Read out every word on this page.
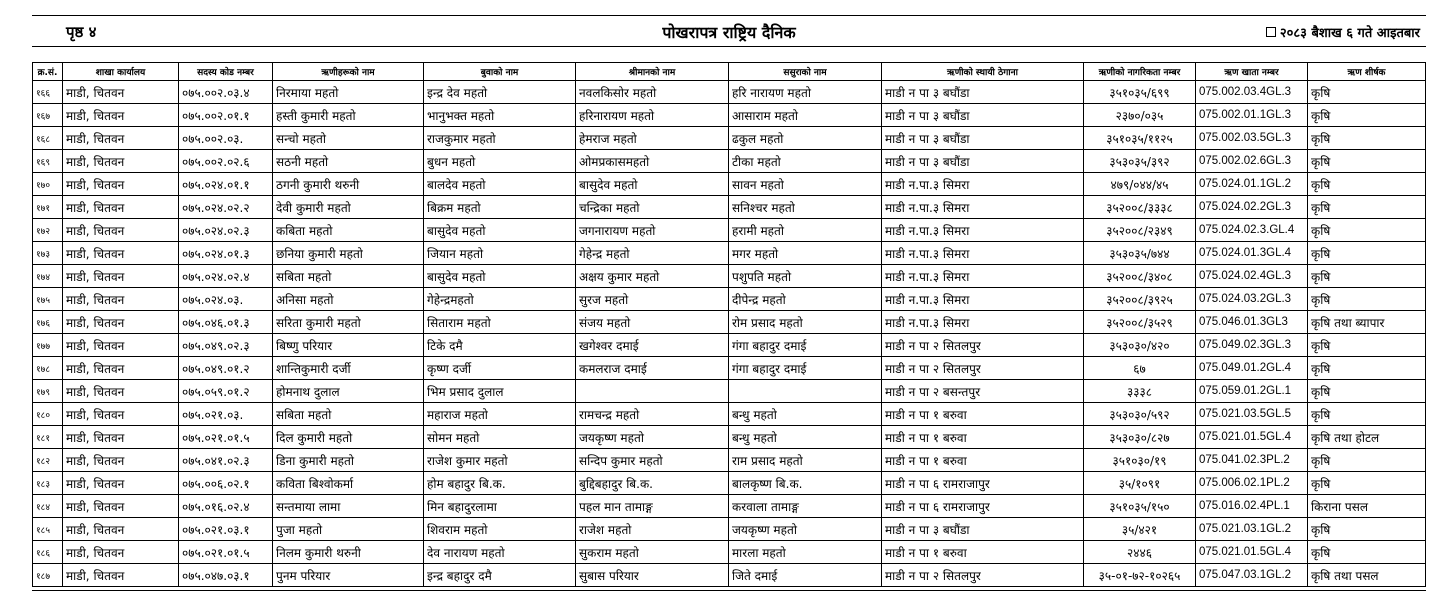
पृष्ठ ४	पोखरापत्र राष्ट्रिय दैनिक	२०८३ बैशाख ६ गते आइतबार
क्र.सं.	शाखा कार्यालय	सदस्य कोड नम्बर	ऋणीहरूको नाम	बुवाको नाम	श्रीमानको नाम	ससुराको नाम	ऋणीको स्थायी ठेगाना	ऋणीको नागरिकता नम्बर	ऋण खाता नम्बर	ऋण शीर्षक
१६६	माडी, चितवन	०७५.००२.०३.४	निरमाया महतो	इन्द्र देव महतो	नवलकिसोर महतो	हरि नारायण महतो	माडी न पा ३ बघौंडा	३५१०३५/६९९	075.002.03.4GL.3	कृषि
१६७	माडी, चितवन	०७५.००२.०१.१	हस्ती कुमारी महतो	भानुभक्त महतो	हरिनारायण महतो	आसाराम महतो	माडी न पा ३ बघौंडा	२३७०/०३५	075.002.01.1GL.3	कृषि
१६८	माडी, चितवन	०७५.००२.०३.	सन्चो महतो	राजकुमार महतो	हेमराज महतो	ढकुल महतो	माडी न पा ३ बघौंडा	३५१०३५/११२५	075.002.03.5GL.3	कृषि
१६९	माडी, चितवन	०७५.००२.०२.६	सठनी महतो	बुधन महतो	ओमप्रकासमहतो	टीका महतो	माडी न पा ३ बघौंडा	३५३०३५/३९२	075.002.02.6GL.3	कृषि
१७०	माडी, चितवन	०७५.०२४.०१.१	ठगनी कुमारी थरुनी	बालदेव महतो	बासुदेव महतो	सावन महतो	माडी न.पा.३ सिमरा	४७९/०४४/४५	075.024.01.1GL.2	कृषि
१७१	माडी, चितवन	०७५.०२४.०२.२	देवी कुमारी महतो	बिक्रम महतो	चन्द्रिका महतो	सनिश्चर महतो	माडी न.पा.३ सिमरा	३५२००८/३३३८	075.024.02.2GL.3	कृषि
१७२	माडी, चितवन	०७५.०२४.०२.३	कबिता महतो	बासुदेव महतो	जगनारायण महतो	हरामी महतो	माडी न.पा.३ सिमरा	३५२००८/२३४९	075.024.02.3.GL.4	कृषि
१७३	माडी, चितवन	०७५.०२४.०१.३	छनिया कुमारी महतो	जियान महतो	गेहेन्द्र महतो	मगर महतो	माडी न.पा.३ सिमरा	३५३०३५/७४४	075.024.01.3GL.4	कृषि
१७४	माडी, चितवन	०७५.०२४.०२.४	सबिता महतो	बासुदेव महतो	अक्षय कुमार महतो	पशुपति महतो	माडी न.पा.३ सिमरा	३५२००८/३४०८	075.024.02.4GL.3	कृषि
१७५	माडी, चितवन	०७५.०२४.०३.	अनिसा महतो	गेहेन्द्रमहतो	सुरज महतो	दीपेन्द्र महतो	माडी न.पा.३ सिमरा	३५२००८/३९२५	075.024.03.2GL.3	कृषि
१७६	माडी, चितवन	०७५.०४६.०१.३	सरिता कुमारी महतो	सिताराम महतो	संजय महतो	रोम प्रसाद महतो	माडी न.पा.३ सिमरा	३५२००८/३५२९	075.046.01.3GL3	कृषि तथा ब्यापार
१७७	माडी, चितवन	०७५.०४९.०२.३	बिष्णु परियार	टिके दमै	खगेश्वर दमाई	गंगा बहादुर दमाई	माडी न पा २ सितलपुर	३५३०३०/४२०	075.049.02.3GL.3	कृषि
१७८	माडी, चितवन	०७५.०४९.०१.२	शान्तिकुमारी दर्जी	कृष्ण दर्जी	कमलराज दमाई	गंगा बहादुर दमाई	माडी न पा २ सितलपुर	६७	075.049.01.2GL.4	कृषि
१७९	माडी, चितवन	०७५.०५९.०१.२	होमनाथ दुलाल	भिम प्रसाद दुलाल			माडी न पा २ बसन्तपुर	३३३८	075.059.01.2GL.1	कृषि
१८०	माडी, चितवन	०७५.०२१.०३.	सबिता महतो	महाराज महतो	रामचन्द्र महतो	बन्धु महतो	माडी न पा १ बरुवा	३५३०३०/५९२	075.021.03.5GL.5	कृषि
१८१	माडी, चितवन	०७५.०२१.०१.५	दिल कुमारी महतो	सोमन महतो	जयकृष्ण महतो	बन्धु महतो	माडी न पा १ बरुवा	३५३०३०/८२७	075.021.01.5GL.4	कृषि तथा होटल
१८२	माडी, चितवन	०७५.०४१.०२.३	डिना कुमारी महतो	राजेश कुमार महतो	सन्दिप कुमार महतो	राम प्रसाद महतो	माडी न पा १ बरुवा	३५१०३०/१९	075.041.02.3PL.2	कृषि
१८३	माडी, चितवन	०७५.००६.०२.१	कविता बिश्वोकर्मा	होम बहादुर बि.क.	बुद्दिबहादुर बि.क.	बालकृष्ण बि.क.	माडी न पा ६ रामराजापुर	३५/१०९१	075.006.02.1PL.2	कृषि
१८४	माडी, चितवन	०७५.०१६.०२.४	सन्तमाया लामा	मिन बहादुरलामा	पहल मान तामाङ्ग	करवाला तामाङ्ग	माडी न पा ६ रामराजापुर	३५१०३५/१५०	075.016.02.4PL.1	किराना पसल
१८५	माडी, चितवन	०७५.०२१.०३.१	पुजा महतो	शिवराम महतो	राजेश महतो	जयकृष्ण महतो	माडी न पा ३ बघौंडा	३५/४२१	075.021.03.1GL.2	कृषि
१८६	माडी, चितवन	०७५.०२१.०१.५	निलम कुमारी थरुनी	देव नारायण महतो	सुकराम महतो	मारला महतो	माडी न पा १ बरुवा	२४४६	075.021.01.5GL.4	कृषि
१८७	माडी, चितवन	०७५.०४७.०३.१	पुनम परियार	इन्द्र बहादुर दमै	सुबास परियार	जिते दमाई	माडी न पा २ सितलपुर	३५-०१-७२-१०२६५	075.047.03.1GL.2	कृषि तथा पसल
